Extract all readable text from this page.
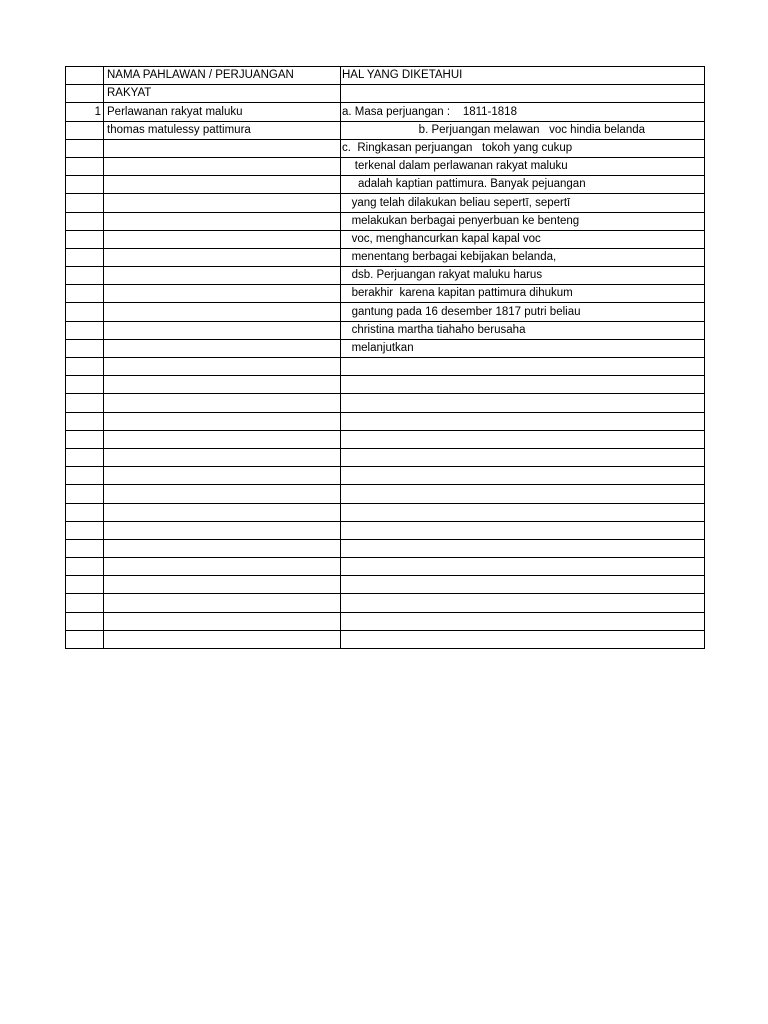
	NAMA PAHLAWAN / PERJUANGAN	HAL YANG DIKETAHUI
	RAKYAT	
1	Perlawanan rakyat maluku	a. Masa perjuangan :    1811-1818
	thomas matulessy pattimura	b. Perjuangan melawan   voc hindia belanda
		c.  Ringkasan perjuangan   tokoh yang cukup
		terkenal dalam perlawanan rakyat maluku
		adalah kaptian pattimura. Banyak pejuangan
		yang telah dilakukan beliau sepertī, sepertī
		melakukan berbagai penyerbuan ke benteng
		voc, menghancurkan kapal kapal voc
		menentang berbagai kebijakan belanda,
		dsb. Perjuangan rakyat maluku harus
		berakhir  karena kapitan pattimura dihukum
		gantung pada 16 desember 1817 putri beliau
		christina martha tiahaho berusaha
		melanjutkan
